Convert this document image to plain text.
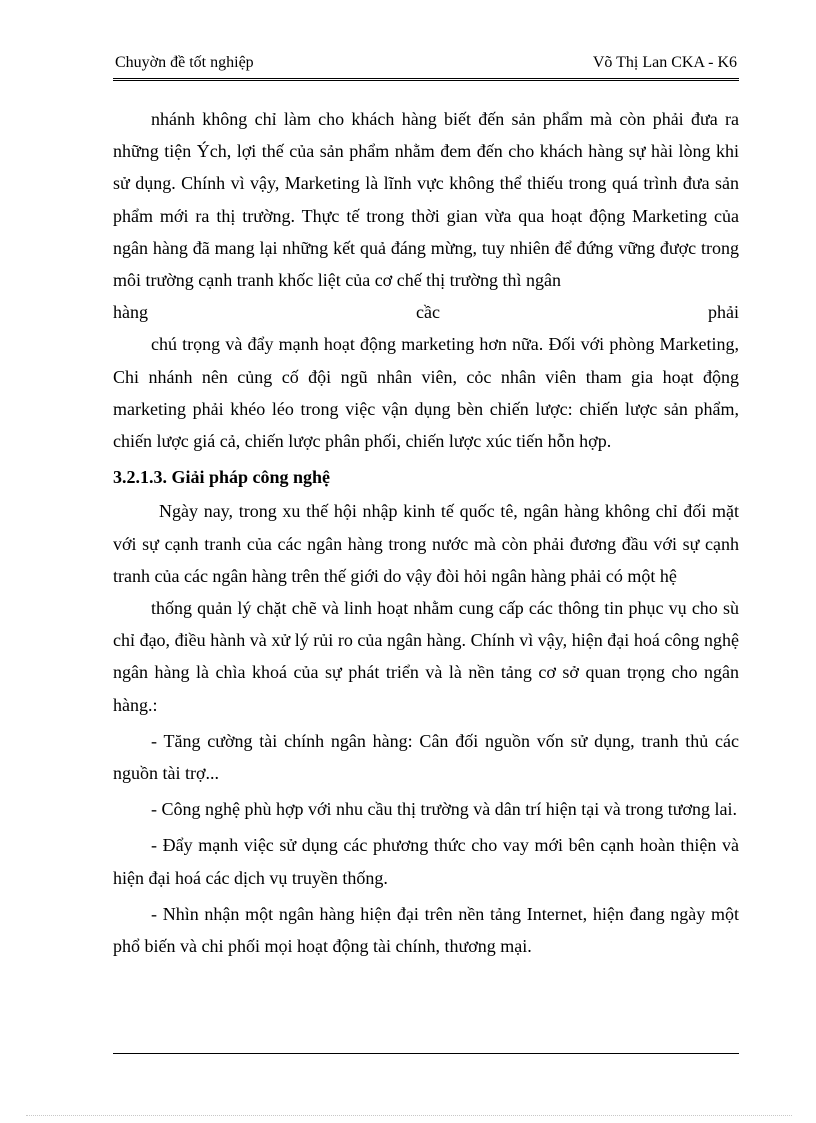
Chuyờn đề tốt nghiệp	Võ Thị Lan CKA - K6

nhánh không chỉ làm cho khách hàng biết đến sản phẩm mà còn phải đưa ra những tiện Ých, lợi thế của sản phẩm nhằm đem đến cho khách hàng sự hài lòng khi sử dụng. Chính vì vậy, Marketing là lĩnh vực không thể thiếu trong quá trình đưa sản phẩm mới ra thị trường. Thực tế trong thời gian vừa qua hoạt động Marketing của ngân hàng đã mang lại những kết quả đáng mừng, tuy nhiên để đứng vững được trong môi trường cạnh tranh khốc liệt của cơ chế thị trường thì ngân

hàng cầc phải

chú trọng và đẩy mạnh hoạt động marketing hơn nữa. Đối với phòng Marketing, Chi nhánh nên củng cố đội ngũ nhân viên, cỏc nhân viên tham gia hoạt động marketing phải khéo léo trong việc vận dụng bèn chiến lược: chiến lược sản phẩm, chiến lược giá cả, chiến lược phân phối, chiến lược xúc tiến hỗn hợp.

3.2.1.3. Giải pháp công nghệ

Ngày nay, trong xu thế hội nhập kinh tế quốc tê, ngân hàng không chỉ đối mặt với sự cạnh tranh của các ngân hàng trong nước mà còn phải đương đầu với sự cạnh tranh của các ngân hàng trên thế giới do vậy đòi hỏi ngân hàng phải có một hệ

thống quản lý chặt chẽ và linh hoạt nhằm cung cấp các thông tin phục vụ cho sù chỉ đạo, điều hành và xử lý rủi ro của ngân hàng. Chính vì vậy, hiện đại hoá công nghệ ngân hàng là chìa khoá của sự phát triển và là nền tảng cơ sở quan trọng cho ngân hàng.:

- Tăng cường tài chính ngân hàng: Cân đối nguồn vốn sử dụng, tranh thủ các nguồn tài trợ...

- Công nghệ phù hợp với nhu cầu thị trường và dân trí hiện tại và trong tương lai.

- Đẩy mạnh việc sử dụng các phương thức cho vay mới bên cạnh hoàn thiện và hiện đại hoá các dịch vụ truyền thống.

- Nhìn nhận một ngân hàng hiện đại trên nền tảng Internet, hiện đang ngày một phổ biến và chi phối mọi hoạt động tài chính, thương mại.
